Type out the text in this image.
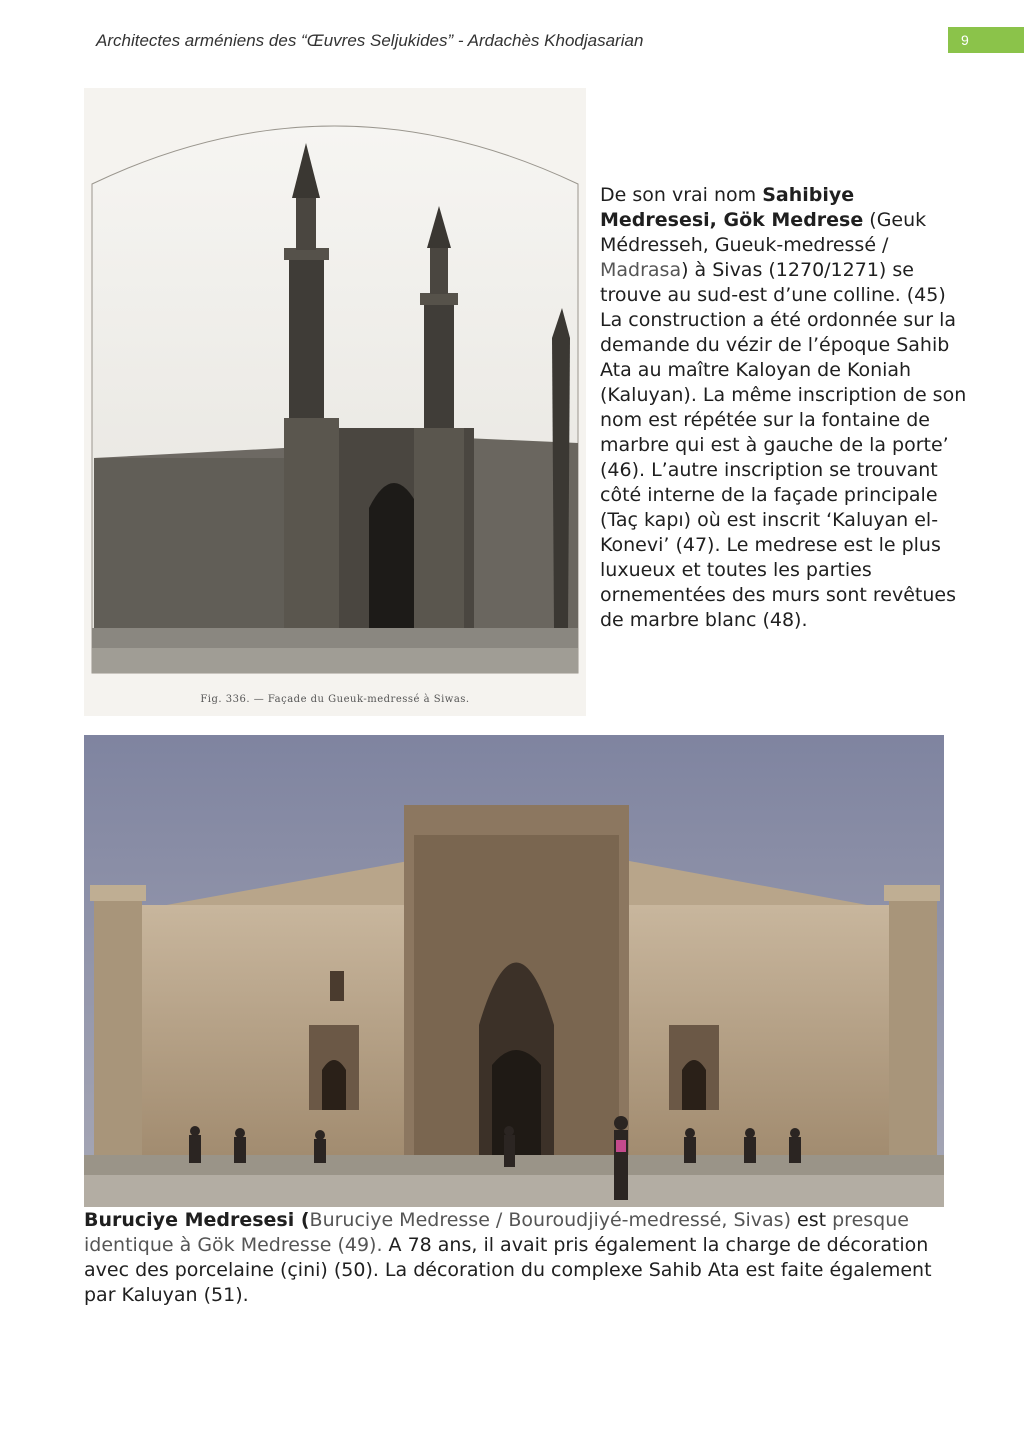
Architectes arméniens des “Œuvres Seljukides” - Ardachès Khodjasarian	9
Fig. 336. — Façade du Gueuk-medressé à Siwas.
De son vrai nom Sahibiye Medresesi, Gök Medrese (Geuk Médresseh, Gueuk-medressé / Madrasa) à Sivas (1270/1271) se trouve au sud-est d’une colline. (45) La construction a été ordonnée sur la demande du vézir de l’époque Sahib Ata au maître Kaloyan de Koniah (Kaluyan). La même inscription de son nom est répétée sur la fontaine de marbre qui est à gauche de la porte’ (46). L’autre inscription se trouvant côté interne de la façade principale (Taç kapı) où est inscrit ‘Kaluyan el-Konevi’ (47). Le medrese est le plus luxueux et toutes les parties ornementées des murs sont revêtues de marbre blanc (48).
Buruciye Medresesi (Buruciye Medresse / Bouroudjiyé-medressé, Sivas) est presque identique à Gök Medresse (49). A 78 ans, il avait pris également la charge de décoration avec des porcelaine (çini) (50). La décoration du complexe Sahib Ata est faite également par Kaluyan (51).
